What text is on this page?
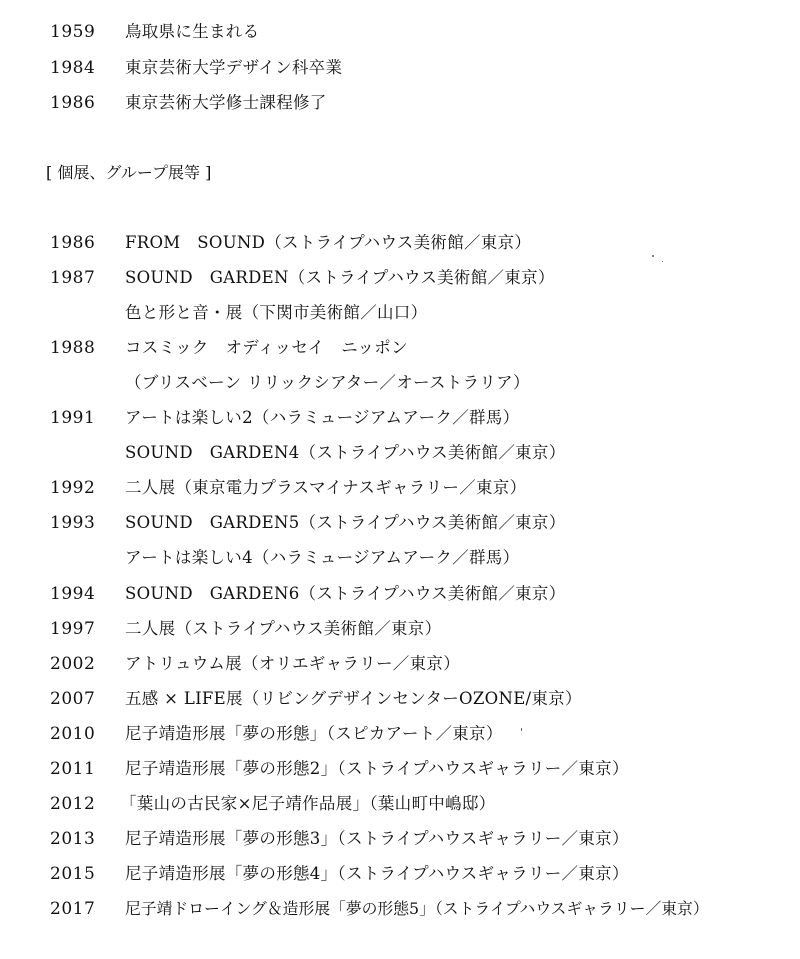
1959 鳥取県に生まれる
1984 東京芸術大学デザイン科卒業
1986 東京芸術大学修士課程修了
[ 個展、グループ展等 ]
1986 FROM　SOUND（ストライプハウス美術館／東京）
1987 SOUND　GARDEN（ストライプハウス美術館／東京）
色と形と音・展（下関市美術館／山口）
1988 コスミック　オディッセイ　ニッポン
（ブリスベーン リリックシアター／オーストラリア）
1991 アートは楽しい2（ハラミュージアムアーク／群馬）
SOUND　GARDEN4（ストライプハウス美術館／東京）
1992 二人展（東京電力プラスマイナスギャラリー／東京）
1993 SOUND　GARDEN5（ストライプハウス美術館／東京）
アートは楽しい4（ハラミュージアムアーク／群馬）
1994 SOUND　GARDEN6（ストライプハウス美術館／東京）
1997 二人展（ストライプハウス美術館／東京）
2002 アトリュウム展（オリエギャラリー／東京）
2007 五感 × LIFE展（リビングデザインセンターOZONE/東京）
2010 尼子靖造形展「夢の形態」（スピカアート／東京）
2011 尼子靖造形展「夢の形態2」（ストライプハウスギャラリー／東京）
2012 「葉山の古民家×尼子靖作品展」（葉山町中嶋邸）
2013 尼子靖造形展「夢の形態3」（ストライプハウスギャラリー／東京）
2015 尼子靖造形展「夢の形態4」（ストライプハウスギャラリー／東京）
2017 尼子靖ドローイング＆造形展「夢の形態5」（ストライプハウスギャラリー／東京）
